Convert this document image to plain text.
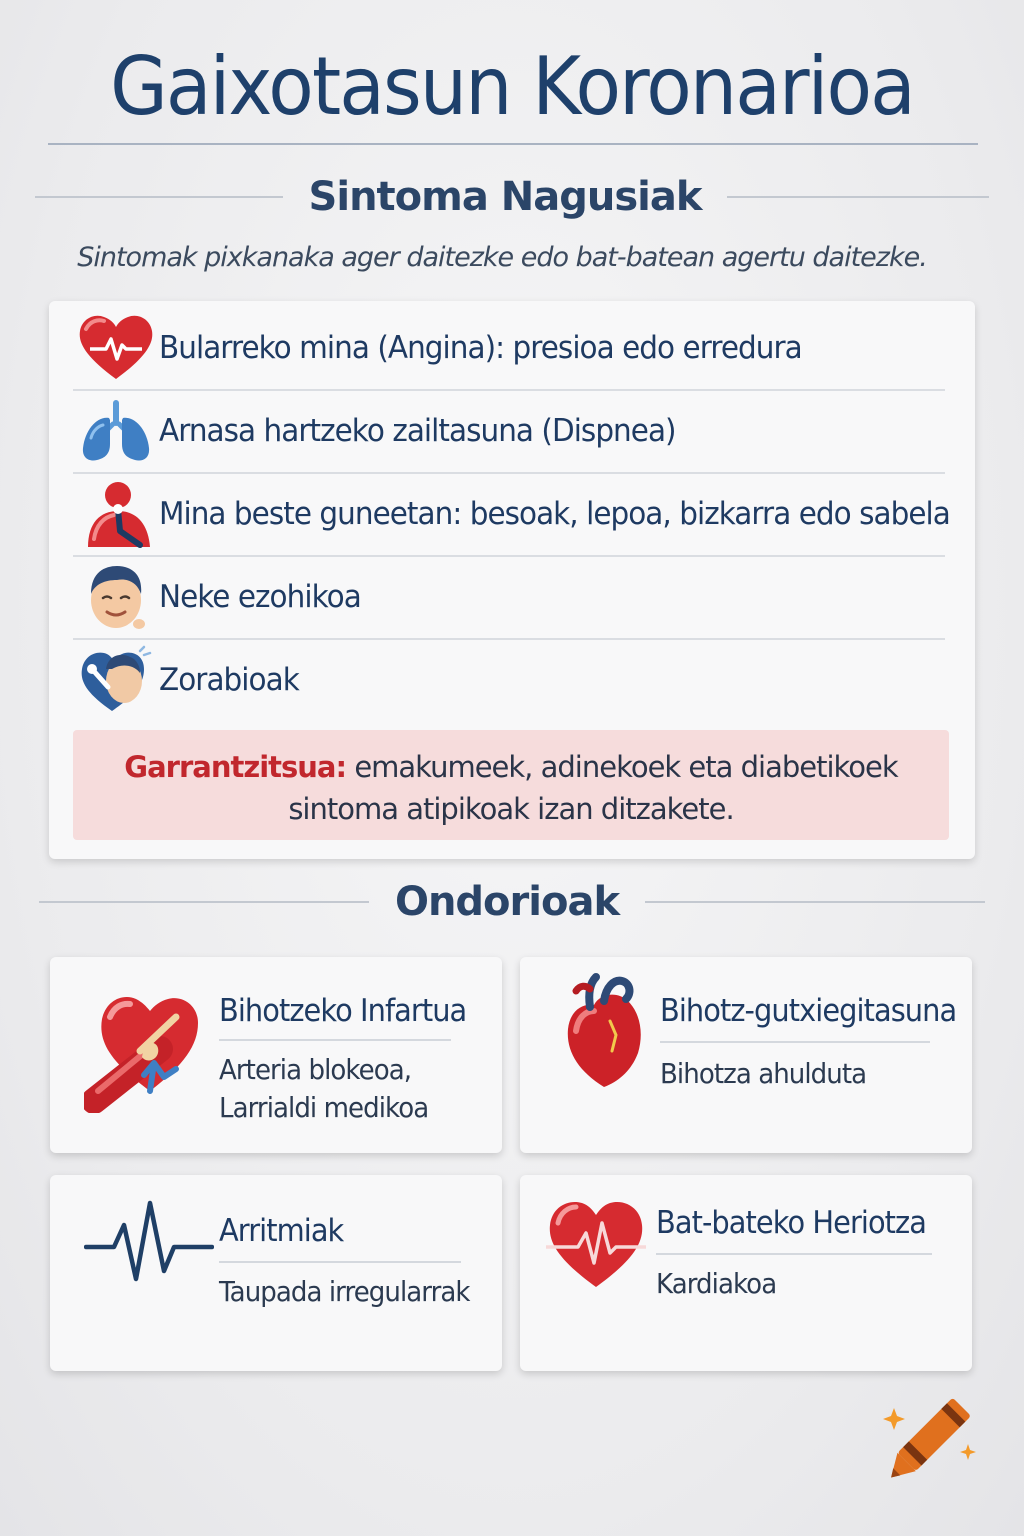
Gaixotasun Koronarioa
Sintoma Nagusiak
Sintomak pixkanaka ager daitezke edo bat-batean agertu daitezke.
Bularreko mina (Angina): presioa edo erredura
Arnasa hartzeko zailtasuna (Dispnea)
Mina beste guneetan: besoak, lepoa, bizkarra edo sabela
Neke ezohikoa
Zorabioak
Garrantzitsua: emakumeek, adinekoek eta diabetikoek
sintoma atipikoak izan ditzakete.
Ondorioak
Bihotzeko Infartua
Arteria blokeoa,
Larrialdi medikoa
Bihotz-gutxiegitasuna
Bihotza ahulduta
Arritmiak
Taupada irregularrak
Bat-bateko Heriotza
Kardiakoa
